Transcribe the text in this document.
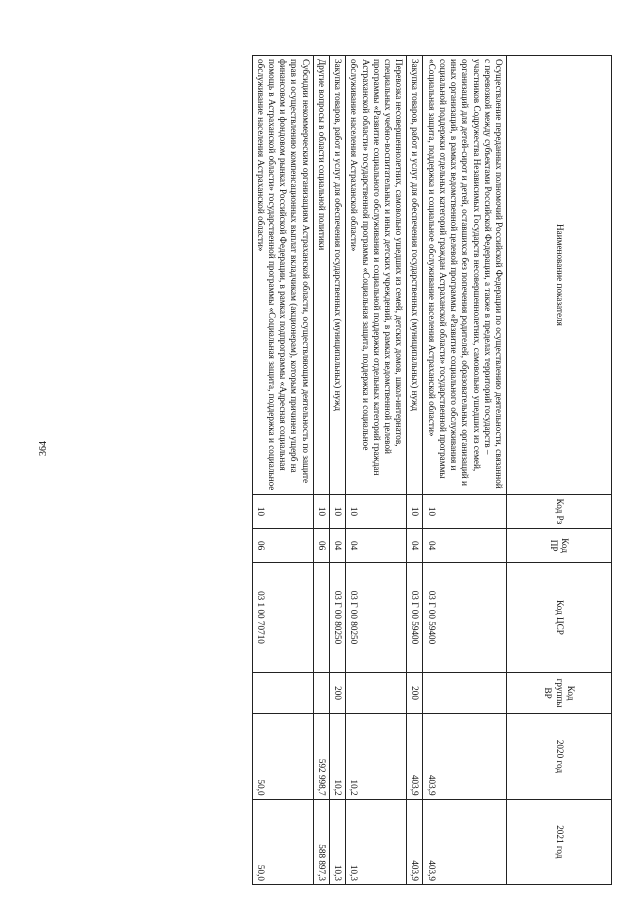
364
Наименование показателя	Код Рз	Код ПР	Код ЦСР	Код группы ВР	2020 год	2021 год
Осуществление переданных полномочий Российской Федерации по осуществлению деятельности, связанной с перевозкой между субъектами Российской Федерации, а также в пределах территорий государств – участников Содружества Независимых Государств несовершеннолетних, самовольно ушедших из семей, организаций для детей-сирот и детей, оставшихся без попечения родителей, образовательных организаций и иных организаций, в рамках ведомственной целевой программы «Развитие социального обслуживания и социальной поддержки отдельных категорий граждан Астраханской области» государственной программы «Социальная защита, поддержка и социальное обслуживание населения Астраханской области»	10	04	03 Г 00 59400		403,9	403,9
Закупка товаров, работ и услуг для обеспечения государственных (муниципальных) нужд	10	04	03 Г 00 59400	200	403,9	403,9
Перевозка несовершеннолетних, самовольно ушедших из семей, детских домов, школ-интернатов, специальных учебно-воспитательных и иных детских учреждений, в рамках ведомственной целевой программы «Развитие социального обслуживания и социальной поддержки отдельных категорий граждан Астраханской области» государственной программы «Социальная защита, поддержка и социальное обслуживание населения Астраханской области»	10	04	03 Г 00 80250		10,2	10,3
Закупка товаров, работ и услуг для обеспечения государственных (муниципальных) нужд	10	04	03 Г 00 80250	200	10,2	10,3
Другие вопросы в области социальной политики	10	06			592 998,7	588 897,3
Субсидии некоммерческим организациям Астраханской области, осуществляющим деятельность по защите прав и осуществлению компенсационных выплат вкладчикам (акционерам), которым причинен ущерб на финансовом и фондовом рынках Российской Федерации, в рамках подпрограммы «Адресная социальная помощь в Астраханской области» государственной программы «Социальная защита, поддержка и социальное обслуживание населения Астраханской области»	10	06	03 1 00 70710		50,0	50,0
